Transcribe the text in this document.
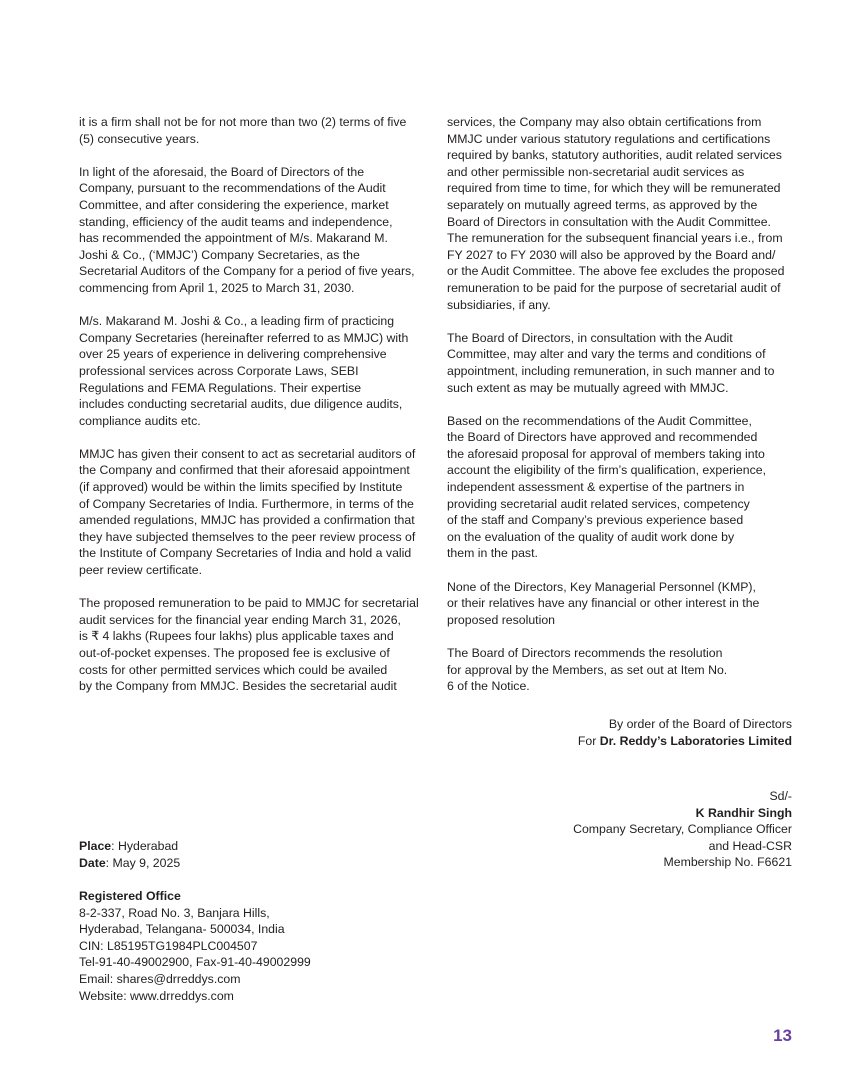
it is a firm shall not be for not more than two (2) terms of five
(5) consecutive years.

In light of the aforesaid, the Board of Directors of the
Company, pursuant to the recommendations of the Audit
Committee, and after considering the experience, market
standing, efficiency of the audit teams and independence,
has recommended the appointment of M/s. Makarand M.
Joshi & Co., (‘MMJC’) Company Secretaries, as the
Secretarial Auditors of the Company for a period of five years,
commencing from April 1, 2025 to March 31, 2030.

M/s. Makarand M. Joshi & Co., a leading firm of practicing
Company Secretaries (hereinafter referred to as MMJC) with
over 25 years of experience in delivering comprehensive
professional services across Corporate Laws, SEBI
Regulations and FEMA Regulations. Their expertise
includes conducting secretarial audits, due diligence audits,
compliance audits etc.

MMJC has given their consent to act as secretarial auditors of
the Company and confirmed that their aforesaid appointment
(if approved) would be within the limits specified by Institute
of Company Secretaries of India. Furthermore, in terms of the
amended regulations, MMJC has provided a confirmation that
they have subjected themselves to the peer review process of
the Institute of Company Secretaries of India and hold a valid
peer review certificate.

The proposed remuneration to be paid to MMJC for secretarial
audit services for the financial year ending March 31, 2026,
is ₹ 4 lakhs (Rupees four lakhs) plus applicable taxes and
out-of-pocket expenses. The proposed fee is exclusive of
costs for other permitted services which could be availed
by the Company from MMJC. Besides the secretarial audit

services, the Company may also obtain certifications from
MMJC under various statutory regulations and certifications
required by banks, statutory authorities, audit related services
and other permissible non-secretarial audit services as
required from time to time, for which they will be remunerated
separately on mutually agreed terms, as approved by the
Board of Directors in consultation with the Audit Committee.
The remuneration for the subsequent financial years i.e., from
FY 2027 to FY 2030 will also be approved by the Board and/
or the Audit Committee. The above fee excludes the proposed
remuneration to be paid for the purpose of secretarial audit of
subsidiaries, if any.

The Board of Directors, in consultation with the Audit
Committee, may alter and vary the terms and conditions of
appointment, including remuneration, in such manner and to
such extent as may be mutually agreed with MMJC.

Based on the recommendations of the Audit Committee,
the Board of Directors have approved and recommended
the aforesaid proposal for approval of members taking into
account the eligibility of the firm’s qualification, experience,
independent assessment & expertise of the partners in
providing secretarial audit related services, competency
of the staff and Company’s previous experience based
on the evaluation of the quality of audit work done by
them in the past.

None of the Directors, Key Managerial Personnel (KMP),
or their relatives have any financial or other interest in the
proposed resolution

The Board of Directors recommends the resolution
for approval by the Members, as set out at Item No.
6 of the Notice.

By order of the Board of Directors
For Dr. Reddy’s Laboratories Limited
Sd/-
K Randhir Singh
Company Secretary, Compliance Officer
and Head-CSR
Membership No. F6621
Place: Hyderabad
Date: May 9, 2025
Registered Office
8-2-337, Road No. 3, Banjara Hills,
Hyderabad, Telangana- 500034, India
CIN: L85195TG1984PLC004507
Tel-91-40-49002900, Fax-91-40-49002999
Email: shares@drreddys.com
Website: www.drreddys.com
13
